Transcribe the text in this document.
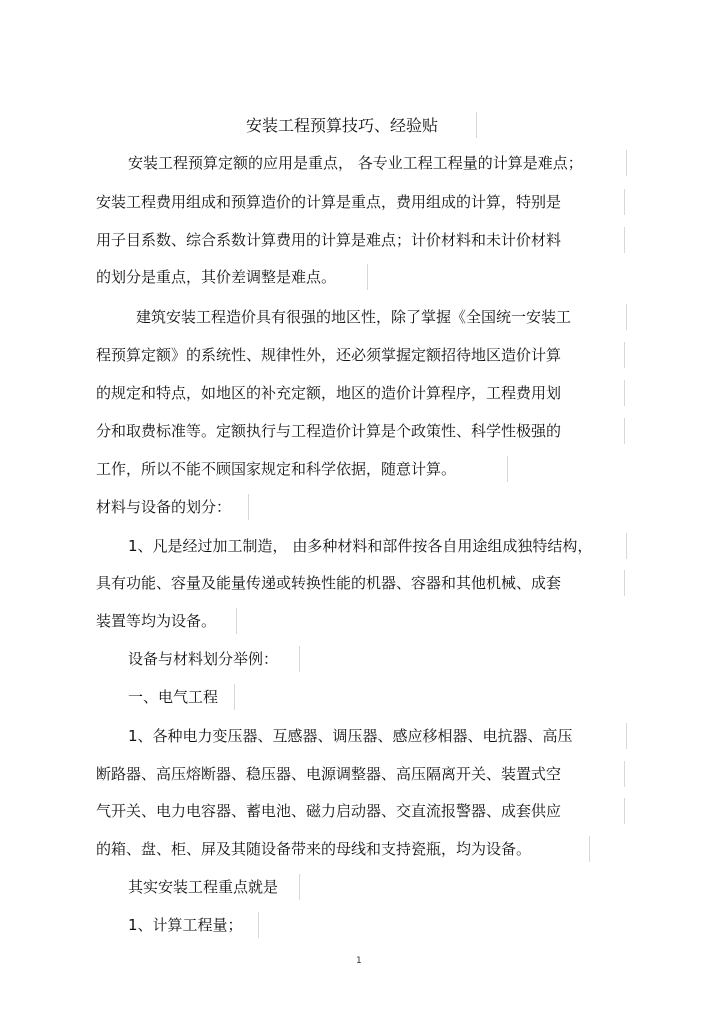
安装工程预算技巧、经验贴
安装工程预算定额的应用是重点， 各专业工程工程量的计算是难点；
安装工程费用组成和预算造价的计算是重点，费用组成的计算，特别是
用子目系数、综合系数计算费用的计算是难点；计价材料和未计价材料
的划分是重点，其价差调整是难点。
建筑安装工程造价具有很强的地区性，除了掌握《全国统一安装工
程预算定额》的系统性、规律性外，还必须掌握定额招待地区造价计算
的规定和特点，如地区的补充定额，地区的造价计算程序，工程费用划
分和取费标准等。定额执行与工程造价计算是个政策性、科学性极强的
工作，所以不能不顾国家规定和科学依据，随意计算。
材料与设备的划分：
1、凡是经过加工制造， 由多种材料和部件按各自用途组成独特结构，
具有功能、容量及能量传递或转换性能的机器、容器和其他机械、成套
装置等均为设备。
设备与材料划分举例：
一、电气工程
1、各种电力变压器、互感器、调压器、感应移相器、电抗器、高压
断路器、高压熔断器、稳压器、电源调整器、高压隔离开关、装置式空
气开关、电力电容器、蓄电池、磁力启动器、交直流报警器、成套供应
的箱、盘、柜、屏及其随设备带来的母线和支持瓷瓶，均为设备。
其实安装工程重点就是
1、计算工程量；
1
